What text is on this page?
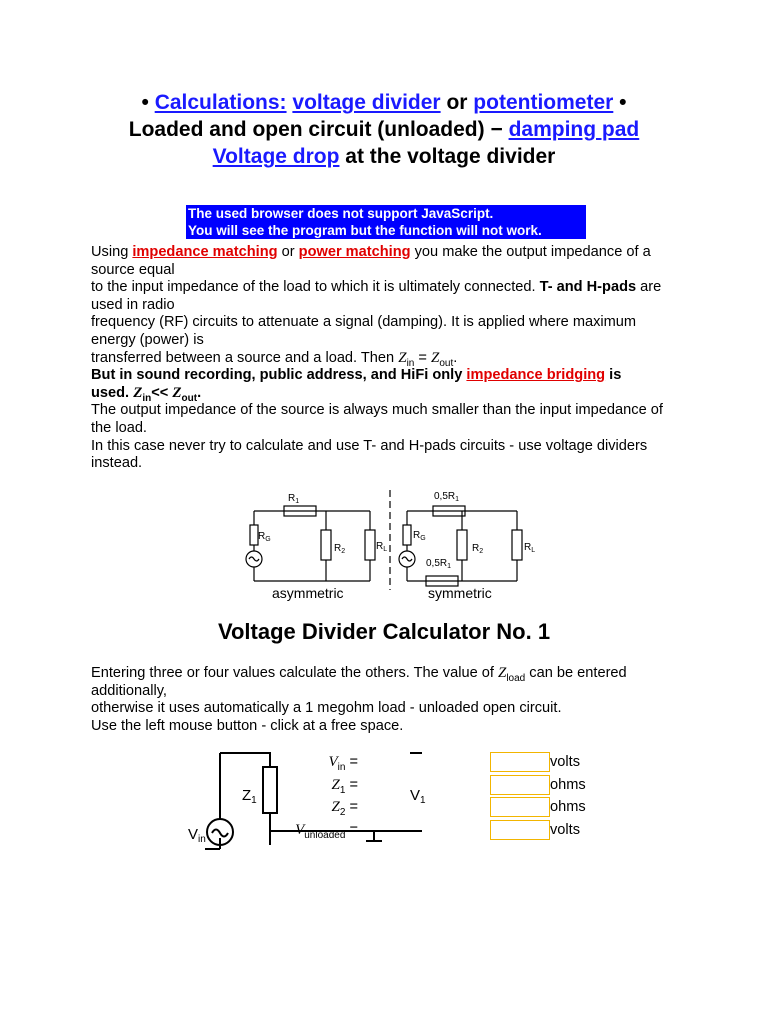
• Calculations: voltage divider or potentiometer •
Loaded and open circuit (unloaded) − damping pad
Voltage drop at the voltage divider
The used browser does not support JavaScript.
You will see the program but the function will not work.
Using impedance matching or power matching you make the output impedance of a source equal
to the input impedance of the load to which it is ultimately connected. T- and H-pads are used in radio
frequency (RF) circuits to attenuate a signal (damping). It is applied where maximum energy (power) is
transferred between a source and a load. Then $Z_{in} = Z_{out}$.
But in sound recording, public address, and HiFi only impedance bridging is
used. $Z_{in}<< Z_{out}$.
The output impedance of the source is always much smaller than the input impedance of the load.
In this case never try to calculate and use T- and H-pads circuits - use voltage dividers instead.
$R_1$
$R_G$
$R_2$	$R_L$
$0,5R_1$
$R_G$
$R_2$	$R_L$
$0,5R_1$
asymmetric	symmetric
Voltage Divider Calculator No. 1
Entering three or four values calculate the others. The value of $Z_{load}$ can be entered additionally,
otherwise it uses automatically a 1 megohm load - unloaded open circuit.
Use the left mouse button - click at a free space.
$Z_1$	$V_1$
$V_{in}$
$V_{in}$ =	volts
$Z_1$ =	ohms
$Z_2$ =	ohms
$V_{unloaded}$ =	volts
